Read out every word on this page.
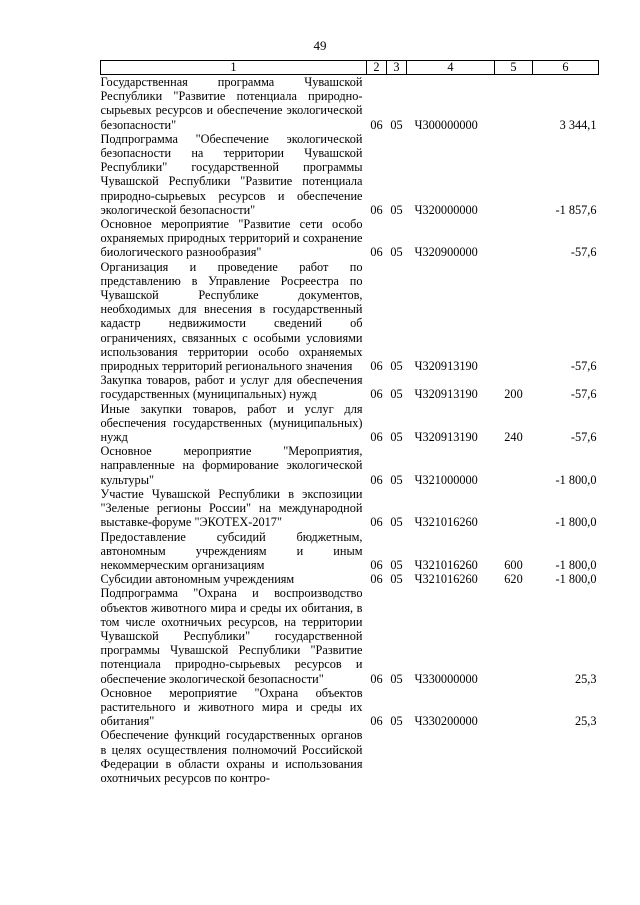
49
1	2	3	4	5	6
Государственная программа Чувашской Республики "Развитие потенциала природно-сырьевых ресурсов и обеспечение экологической безопасности"	06	05	Ч300000000		3 344,1
Подпрограмма "Обеспечение экологической безопасности на территории Чувашской Республики" государственной программы Чувашской Республики "Развитие потенциала природно-сырьевых ресурсов и обеспечение экологической безопасности"	06	05	Ч320000000		-1 857,6
Основное мероприятие "Развитие сети особо охраняемых природных территорий и сохранение биологического разнообразия"	06	05	Ч320900000		-57,6
Организация и проведение работ по представлению в Управление Росреестра по Чувашской Республике документов, необходимых для внесения в государственный кадастр недвижимости сведений об ограничениях, связанных с особыми условиями использования территории особо охраняемых природных территорий регионального значения	06	05	Ч320913190		-57,6
Закупка товаров, работ и услуг для обеспечения государственных (муниципальных) нужд	06	05	Ч320913190	200	-57,6
Иные закупки товаров, работ и услуг для обеспечения государственных (муниципальных) нужд	06	05	Ч320913190	240	-57,6
Основное мероприятие "Мероприятия, направленные на формирование экологической культуры"	06	05	Ч321000000		-1 800,0
Участие Чувашской Республики в экспозиции "Зеленые регионы России" на международной выставке-форуме "ЭКОТЕХ-2017"	06	05	Ч321016260		-1 800,0
Предоставление субсидий бюджетным, автономным учреждениям и иным некоммерческим организациям	06	05	Ч321016260	600	-1 800,0
Субсидии автономным учреждениям	06	05	Ч321016260	620	-1 800,0
Подпрограмма "Охрана и воспроизводство объектов животного мира и среды их обитания, в том числе охотничьих ресурсов, на территории Чувашской Республики" государственной программы Чувашской Республики "Развитие потенциала природно-сырьевых ресурсов и обеспечение экологической безопасности"	06	05	Ч330000000		25,3
Основное мероприятие "Охрана объектов растительного и животного мира и среды их обитания"	06	05	Ч330200000		25,3
Обеспечение функций государственных органов в целях осуществления полномочий Российской Федерации в области охраны и использования охотничьих ресурсов по контро-					
